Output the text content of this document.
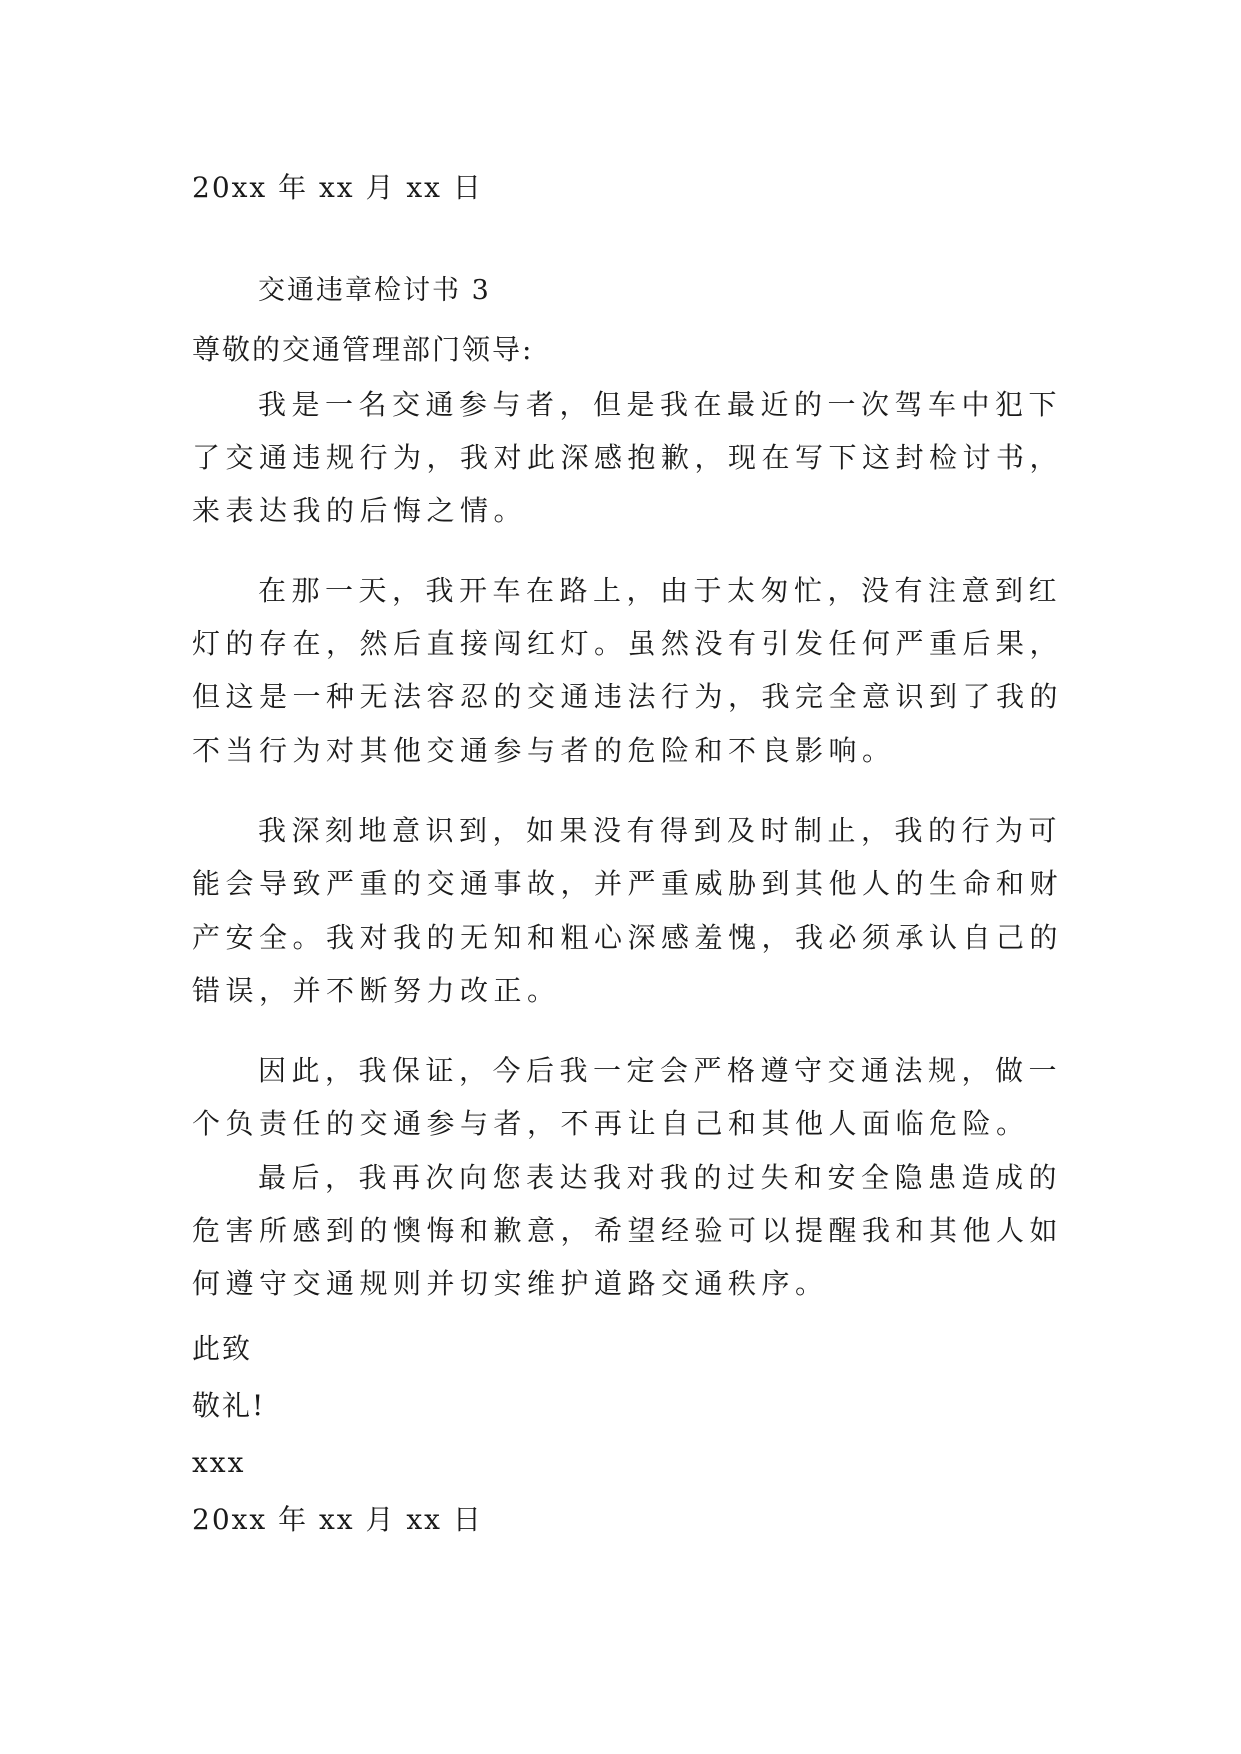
20xx 年 xx 月 xx 日
交通违章检讨书 3
尊敬的交通管理部门领导:
我是一名交通参与者，但是我在最近的一次驾车中犯下
了交通违规行为，我对此深感抱歉，现在写下这封检讨书，
来表达我的后悔之情。
在那一天，我开车在路上，由于太匆忙，没有注意到红
灯的存在，然后直接闯红灯。虽然没有引发任何严重后果，
但这是一种无法容忍的交通违法行为，我完全意识到了我的
不当行为对其他交通参与者的危险和不良影响。
我深刻地意识到，如果没有得到及时制止，我的行为可
能会导致严重的交通事故，并严重威胁到其他人的生命和财
产安全。我对我的无知和粗心深感羞愧，我必须承认自己的
错误，并不断努力改正。
因此，我保证，今后我一定会严格遵守交通法规，做一
个负责任的交通参与者，不再让自己和其他人面临危险。
最后，我再次向您表达我对我的过失和安全隐患造成的
危害所感到的懊悔和歉意，希望经验可以提醒我和其他人如
何遵守交通规则并切实维护道路交通秩序。
此致
敬礼!
xxx
20xx 年 xx 月 xx 日
